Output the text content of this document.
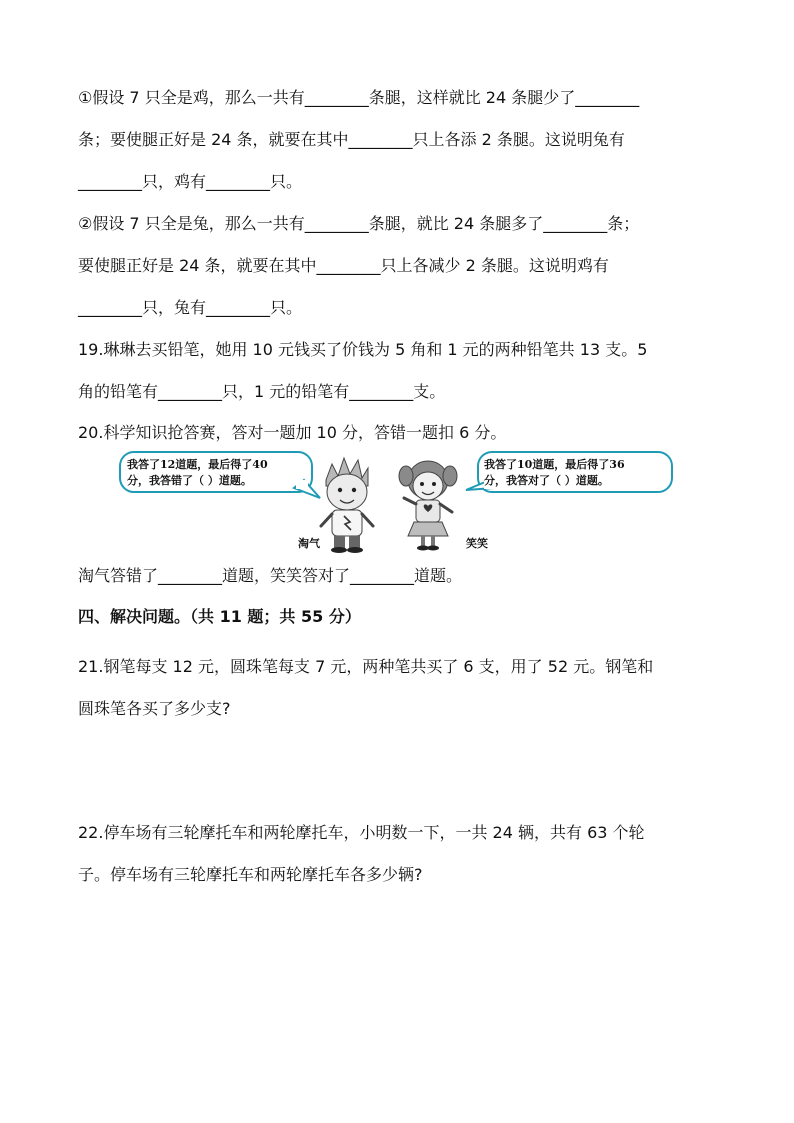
①假设 7 只全是鸡，那么一共有________条腿，这样就比 24 条腿少了________
条；要使腿正好是 24 条，就要在其中________只上各添 2 条腿。这说明兔有
________只，鸡有________只。
②假设 7 只全是兔，那么一共有________条腿，就比 24 条腿多了________条；
要使腿正好是 24 条，就要在其中________只上各减少 2 条腿。这说明鸡有
________只，兔有________只。
19.琳琳去买铅笔，她用 10 元钱买了价钱为 5 角和 1 元的两种铅笔共 13 支。5
角的铅笔有________只，1 元的铅笔有________支。
20.科学知识抢答赛，答对一题加 10 分，答错一题扣 6 分。
我答了12道题，最后得了40
分，我答错了（ ）道题。
淘气	笑笑
我答了10道题，最后得了36
分，我答对了（ ）道题。
淘气答错了________道题，笑笑答对了________道题。
四、解决问题。（共 11 题；共 55 分）
21.钢笔每支 12 元，圆珠笔每支 7 元，两种笔共买了 6 支，用了 52 元。钢笔和
圆珠笔各买了多少支?
22.停车场有三轮摩托车和两轮摩托车，小明数一下，一共 24 辆，共有 63 个轮
子。停车场有三轮摩托车和两轮摩托车各多少辆?
